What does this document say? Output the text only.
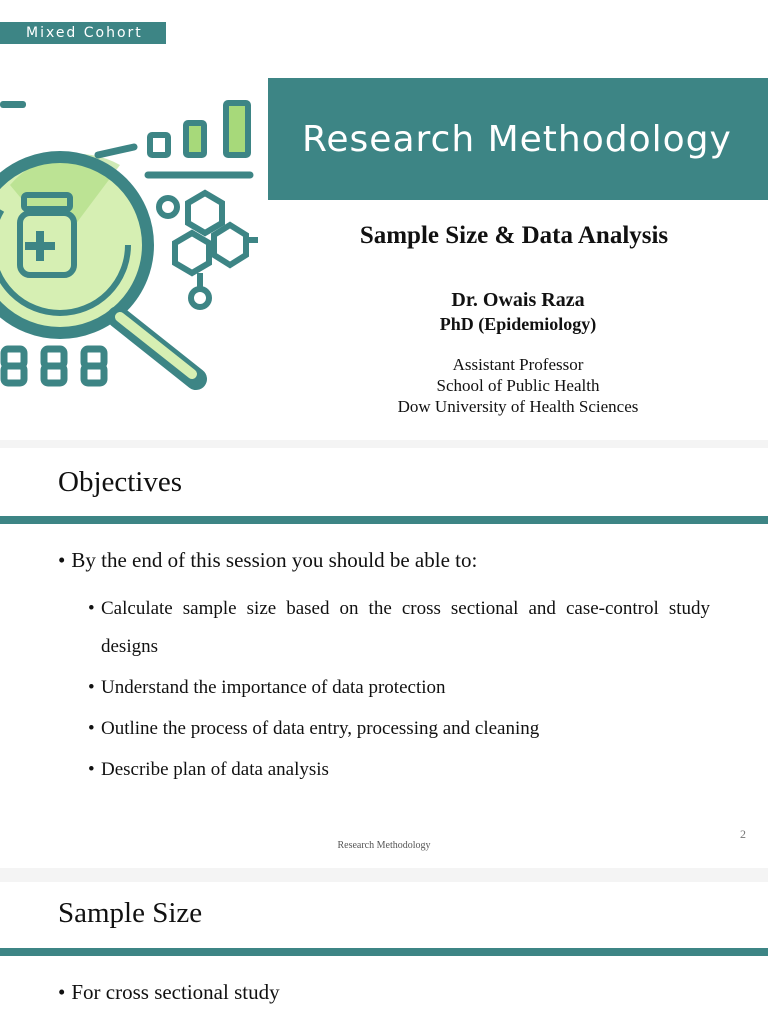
Mixed Cohort
Research Methodology
Sample Size & Data Analysis
Dr. Owais Raza
PhD (Epidemiology)
Assistant Professor
School of Public Health
Dow University of Health Sciences
Objectives
• By the end of this session you should be able to:
• Calculate sample size based on the cross sectional and case-control study designs
• Understand the importance of data protection
• Outline the process of data entry, processing and cleaning
• Describe plan of data analysis
Research Methodology
2
Sample Size
• For cross sectional study
